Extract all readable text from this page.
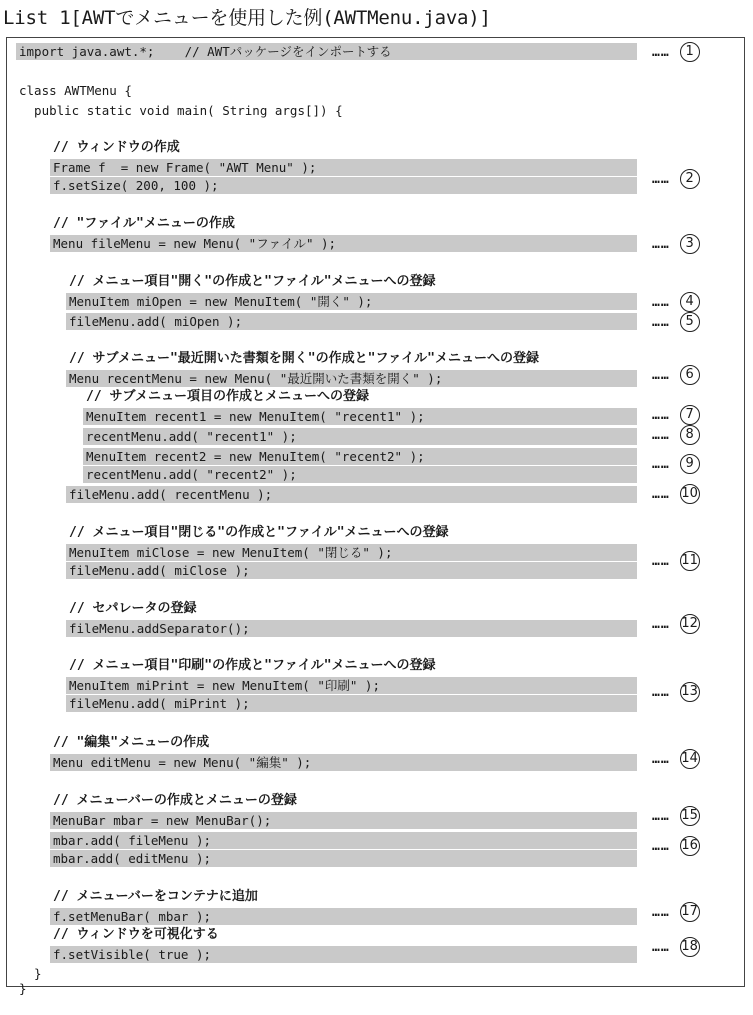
List 1[AWTでメニューを使用した例(AWTMenu.java)]
import java.awt.*;    // AWTパッケージをインポートする
class AWTMenu {
public static void main( String args[]) {
// ウィンドウの作成
Frame f  = new Frame( "AWT Menu" );
f.setSize( 200, 100 );
// "ファイル"メニューの作成
Menu fileMenu = new Menu( "ファイル" );
// メニュー項目"開く"の作成と"ファイル"メニューへの登録
MenuItem miOpen = new MenuItem( "開く" );
fileMenu.add( miOpen );
// サブメニュー"最近開いた書類を開く"の作成と"ファイル"メニューへの登録
Menu recentMenu = new Menu( "最近開いた書類を開く" );
// サブメニュー項目の作成とメニューへの登録
MenuItem recent1 = new MenuItem( "recent1" );
recentMenu.add( "recent1" );
MenuItem recent2 = new MenuItem( "recent2" );
recentMenu.add( "recent2" );
fileMenu.add( recentMenu );
// メニュー項目"閉じる"の作成と"ファイル"メニューへの登録
MenuItem miClose = new MenuItem( "閉じる" );
fileMenu.add( miClose );
// セパレータの登録
fileMenu.addSeparator();
// メニュー項目"印刷"の作成と"ファイル"メニューへの登録
MenuItem miPrint = new MenuItem( "印刷" );
fileMenu.add( miPrint );
// "編集"メニューの作成
Menu editMenu = new Menu( "編集" );
// メニューバーの作成とメニューの登録
MenuBar mbar = new MenuBar();
mbar.add( fileMenu );
mbar.add( editMenu );
// メニューバーをコンテナに追加
f.setMenuBar( mbar );
// ウィンドウを可視化する
f.setVisible( true );
}
}
……	1
……	2
……	3
……	4
……	5
……	6
……	7
……	8
……	9
…… 10
…… 11
…… 12
…… 13
…… 14
…… 15
…… 16
…… 17
…… 18
